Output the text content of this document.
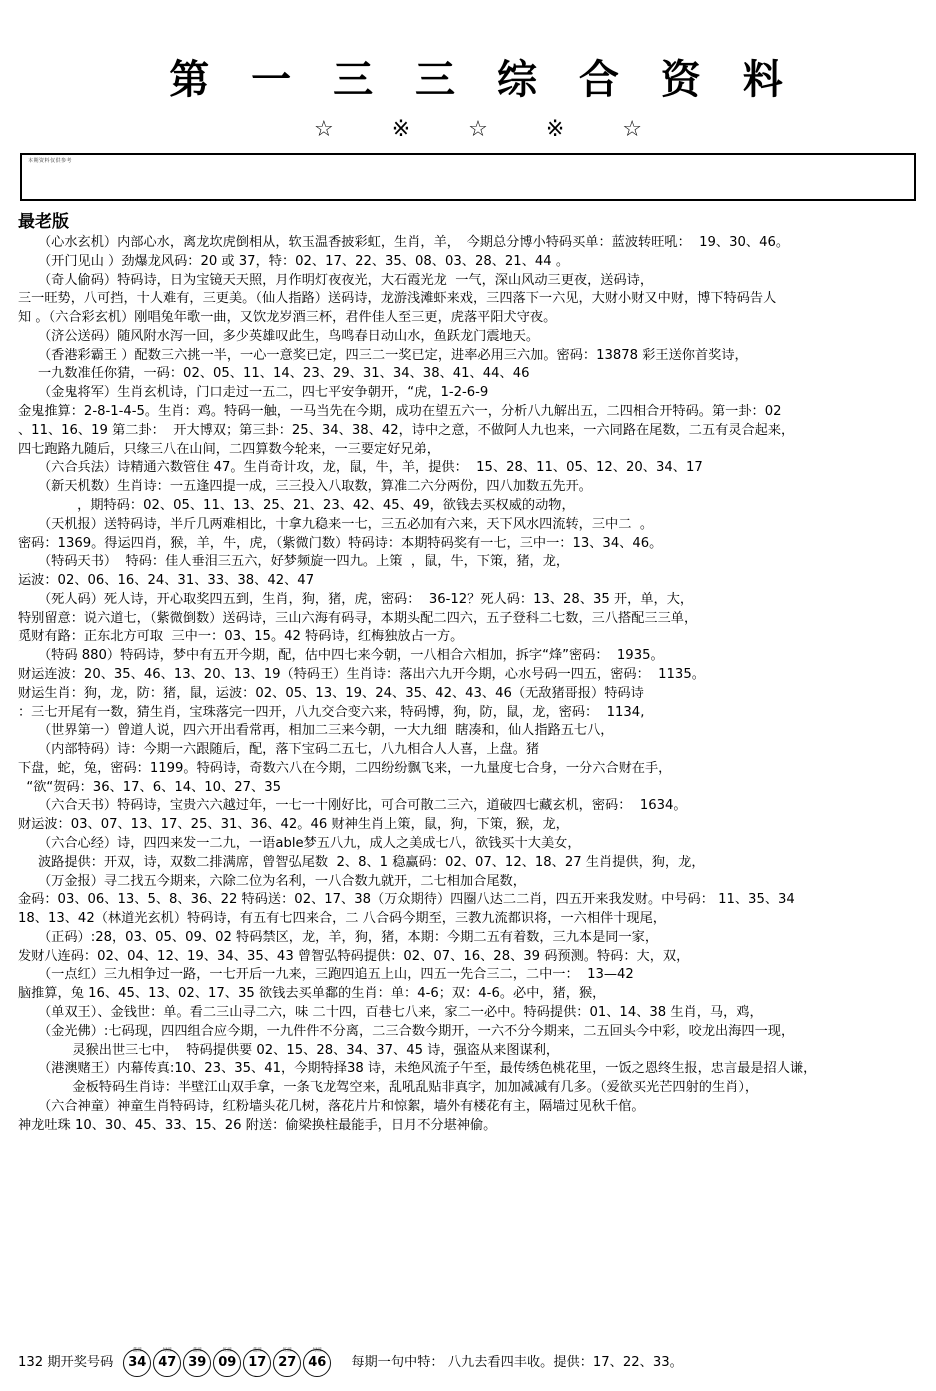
第 一 三 三 综 合 资 料
☆	※	☆	※	☆
本期资料仅供参考
最老版

（心水玄机）内部心水，离龙坎虎倒相从，软玉温香披彩虹，生肖，羊，　今期总分博小特码买单：蓝波转旺吼：  19、30、46。

（开门见山 ）劲爆龙风码：20 或 37，特：02、17、22、35、08、03、28、21、44 。

（奇人偷码）特码诗，日为宝镜天天照，月作明灯夜夜光，大石霞光龙  一气，深山风动三更夜，送码诗，

三一旺势，八可挡，十人难有，三更美。（仙人指路）送码诗，龙游浅滩虾来戏，三四落下一六见，大财小财又中财，博下特码告人

知 。（六合彩玄机）刚唱兔年歌一曲，又饮龙岁酒三杯，君件佳人至三更，虎落平阳犬守夜。

（济公送码）随风附水泻一回，多少英雄叹此生，鸟鸣春日动山水，鱼跃龙门震地天。

（香港彩霸王 ）配数三六挑一半，一心一意奖已定，四三二一奖已定，进率必用三六加。密码：13878 彩王送你首奖诗，

一九数准任你猜，一码：02、05、11、14、23、29、31、34、38、41、44、46

（金鬼将军）生肖玄机诗，门口走过一五二，四七平安争朝开，“虎，1-2-6-9

金鬼推算：2-8-1-4-5。生肖：鸡。特码一触，一马当先在今期，成功在望五六一，分析八九解出五，二四相合开特码。第一卦：02

、11、16、19 第二卦：  开大博双；第三卦：25、34、38、42，诗中之意，不做阿人九也来，一六同路在尾数，二五有灵合起来，

四七跑路九随后，只缘三八在山间，二四算数今轮来，一三要定好兄弟，

（六合兵法）诗精通六数管住 47。生肖奇计攻，龙，鼠，牛，羊，提供：  15、28、11、05、12、20、34、17

（新天机数）生肖诗：一五逢四提一成，三三投入八取数，算准二六分两份，四八加数五先开。

　，期特码：02、05、11、13、25、21、23、42、45、49，欲钱去买权威的动物，

（天机报）送特码诗，半斤几两难相比，十拿九稳来一七，三五必加有六来，天下风水四流转，三中二  。

密码：1369。得运四肖，猴，羊，牛，虎，（紫微门数）特码诗：本期特码奖有一七，三中一：13、34、46。

（特码天书）  特码：佳人垂泪三五六，好梦频旋一四九。上策  ，鼠，牛，下策，猪，龙，

运波：02、06、16、24、31、33、38、42、47

（死人码）死人诗，开心取奖四五到，生肖，狗，猪，虎，密码：  36-12？死人码：13、28、35 开，单，大，

特别留意：说六道七，（紫微倒数）送码诗，三山六海有码寻，本期头配二四六，五子登科二七数，三八搭配三三单，

觅财有路：正东北方可取  三中一：03、15。42 特码诗，红梅独放占一方。

（特码 880）特码诗，梦中有五开今期，配，估中四七来今朝，一八相合六相加，拆字“烽”密码：  1935。

财运连波：20、35、46、13、20、13、19（特码王）生肖诗：落出六九开今期，心水号码一四五，密码：  1135。

财运生肖：狗，龙，防：猪，鼠，运波：02、05、13、19、24、35、42、43、46（无敌猪哥报）特码诗

：三七开尾有一数，猜生肖，宝珠落完一四开，八九交合变六来，特码博，狗，防，鼠，龙，密码：  1134,

（世界第一）曾道人说，四六开出看常再，相加二三来今朝，一大九细  瞎凑和，仙人指路五七八，

（内部特码）诗：今期一六跟随后，配，落下宝码二五七，八九相合人人喜，上盘。猪

下盘，蛇，兔，密码：1199。特码诗，奇数六八在今期，二四纷纷飘飞来，一九量度七合身，一分六合财在手，

“欲“贺码：36、17、6、14、10、27、35

（六合天书）特码诗，宝贵六六越过年，一七一十刚好比，可合可散二三六，道破四七藏玄机，密码：  1634。

财运波：03、07、13、17、25、31、36、42。46 财神生肖上策，鼠，狗，下策，猴，龙，

（六合心经）诗，四四来发一二九，一语able梦五八九，成人之美成七八，欲钱买十大美女，

波路提供：开双，诗，双数二排满席，曾智弘尾数  2、8、1 稳赢码：02、07、12、18、27 生肖提供，狗，龙，

（万金报）寻二找五今期来，六除二位为名利，一八合数九就开，二七相加合尾数，

金码：03、06、13、5、8、36、22 特码送：02、17、38（万众期待）四圈八达二二肖，四五开来我发财。中号码： 11、35、34

18、13、42（林道光玄机）特码诗，有五有七四来合，二 八合码今期至，三教九流都识将，一六相伴十现尾，

（正码）:28，03、05、09、02 特码禁区，龙，羊，狗，猪，本期：今期二五有着数，三九本是同一家，

发财八连码：02、04、12、19、34、35、43 曾智弘特码提供：02、07、16、28、39 码预测。特码：大，双，

（一点红）三九相争过一路，一七开后一九来，三跑四追五上山，四五一先合三二，二中一：  13—42

脑推算，兔 16、45、13、02、17、35 欲钱去买单鄱的生肖：单：4-6；双：4-6。必中，猪，猴，

（单双王）、金钱世：单。看二三山寻二六，味 二十四，百巷七八来，家二一必中。特码提供：01、14、38 生肖，马，鸡，

（金光佛）:七码现，四四组合应今期，一九件件不分离，二三合数今期开，一六不分今期来，二五回头今中彩，咬龙出海四一现，

灵猴出世三七中，  特码提供要 02、15、28、34、37、45 诗，强盗从来图谋利，

（港澳赌王）内幕传真:10、23、35、41，今期特择38 诗，未绝风流子午至，最传绣色桃花里，一饭之恩终生报，忠言最是招人谦，

金板特码生肖诗：半壁江山双手拿，一条飞龙驾空来，乱吼乱贴非真字，加加减减有几多。（爱欲买光芒四射的生肖），

（六合神童）神童生肖特码诗，红粉墙头花几树，落花片片和惊絮，墙外有楼花有主，隔墙过见秋千倌。

神龙吐珠 10、30、45、33、15、26 附送：偷梁换柱最能手，日月不分堪神偷。

132 期开奖号码
蓝波
34
绿波
47
蓝波
39
红波
09
蓝波
17
红波
27
绿波
46 每期一句中特： 八九去看四丰收。提供：17、22、33。
